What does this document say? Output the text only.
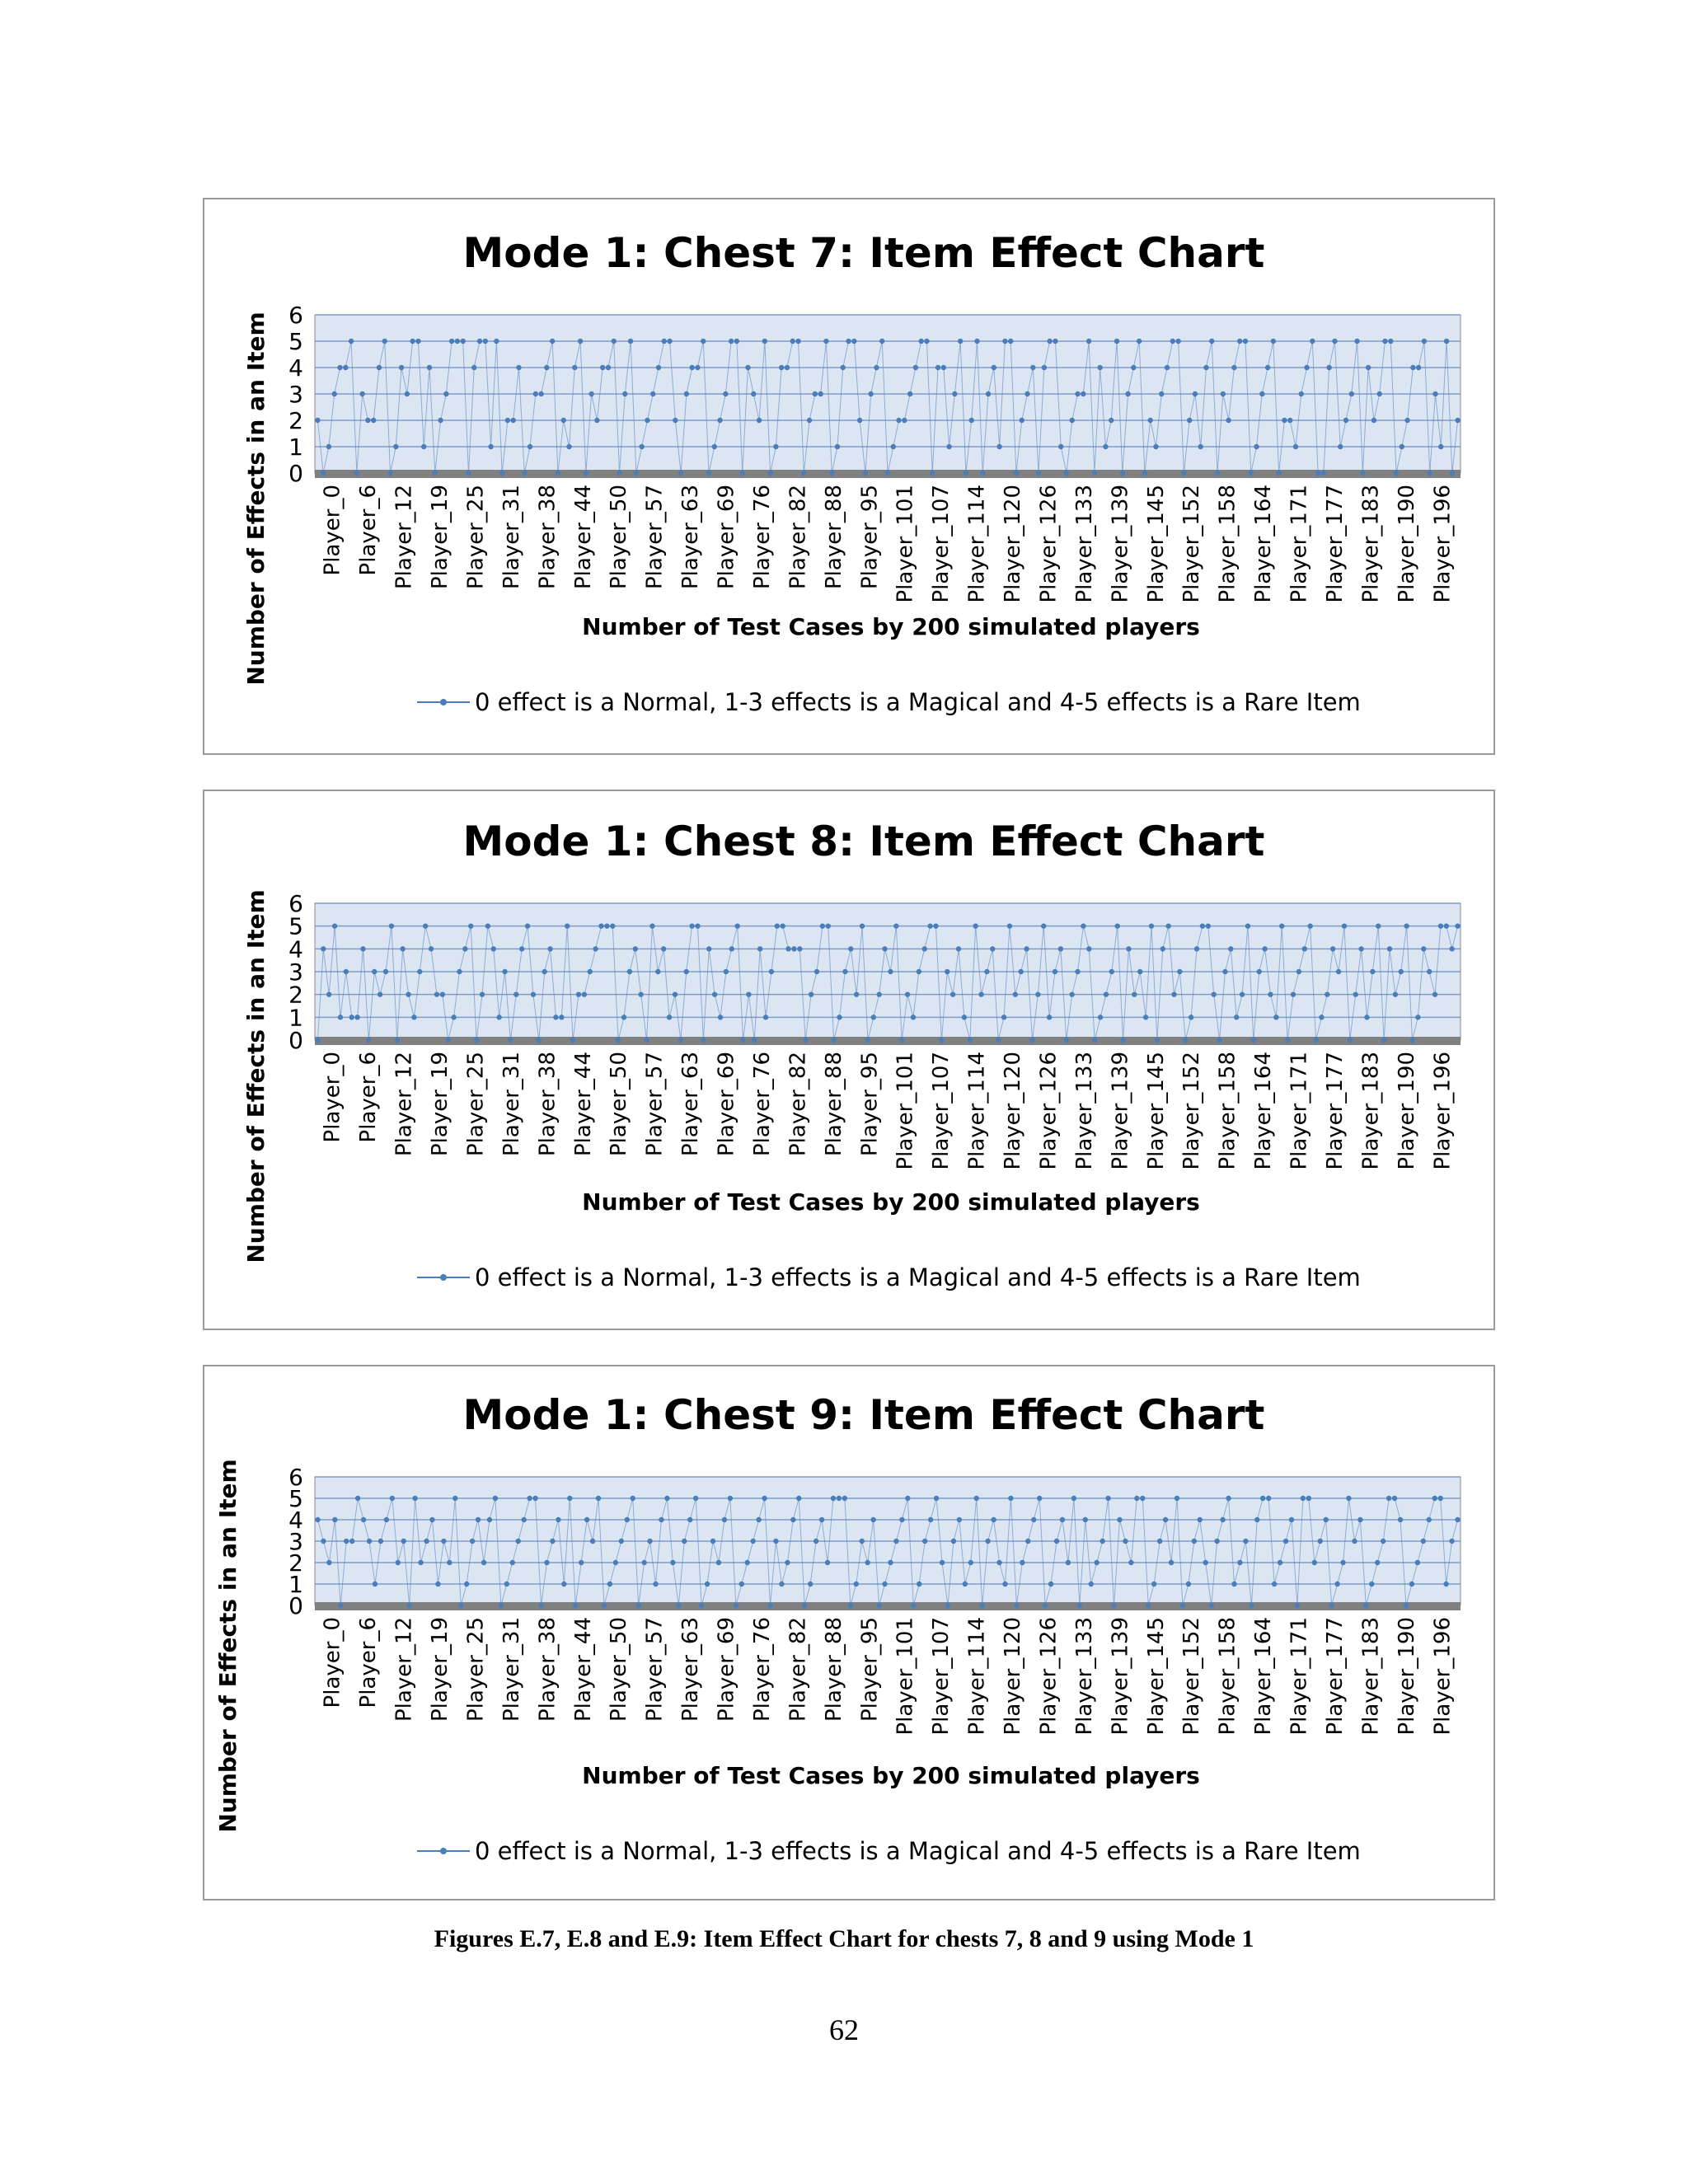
Mode 1: Chest 7: Item Effect Chart
0
1
2
3
4
5
6
Player_0 Player_6 Player_12 Player_19 Player_25 Player_31 Player_38 Player_44 Player_50 Player_57 Player_63 Player_69 Player_76 Player_82 Player_88 Player_95 Player_101 Player_107 Player_114 Player_120 Player_126 Player_133 Player_139 Player_145 Player_152 Player_158 Player_164 Player_171 Player_177 Player_183 Player_190 Player_196
Number of Effects in an Item	Number of Test Cases by 200 simulated players
0 effect is a Normal, 1-3 effects is a Magical and 4-5 effects is a Rare Item
Mode 1: Chest 8: Item Effect Chart
0
1
2
3
4
5
6
Player_0 Player_6 Player_12 Player_19 Player_25 Player_31 Player_38 Player_44 Player_50 Player_57 Player_63 Player_69 Player_76 Player_82 Player_88 Player_95 Player_101 Player_107 Player_114 Player_120 Player_126 Player_133 Player_139 Player_145 Player_152 Player_158 Player_164 Player_171 Player_177 Player_183 Player_190 Player_196
Number of Effects in an Item	Number of Test Cases by 200 simulated players
0 effect is a Normal, 1-3 effects is a Magical and 4-5 effects is a Rare Item
Mode 1: Chest 9: Item Effect Chart
0
1
2
3
4
5
6
Player_0 Player_6 Player_12 Player_19 Player_25 Player_31 Player_38 Player_44 Player_50 Player_57 Player_63 Player_69 Player_76 Player_82 Player_88 Player_95 Player_101 Player_107 Player_114 Player_120 Player_126 Player_133 Player_139 Player_145 Player_152 Player_158 Player_164 Player_171 Player_177 Player_183 Player_190 Player_196
Number of Effects in an Item	Number of Test Cases by 200 simulated players
0 effect is a Normal, 1-3 effects is a Magical and 4-5 effects is a Rare Item
Figures E.7, E.8 and E.9: Item Effect Chart for chests 7, 8 and 9 using Mode 1
62
